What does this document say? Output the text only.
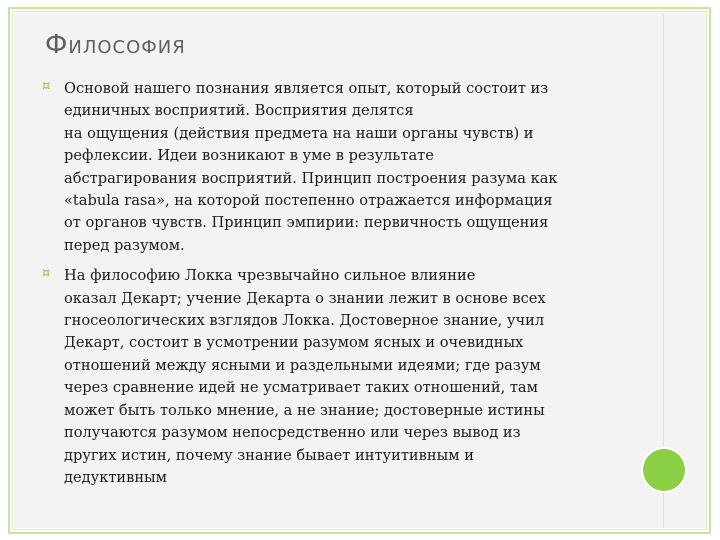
Философия
¤ Основой нашего познания является опыт, который состоит из
единичных восприятий. Восприятия делятся
на ощущения (действия предмета на наши органы чувств) и
рефлексии. Идеи возникают в уме в результате
абстрагирования восприятий. Принцип построения разума как
«tabula rasa», на которой постепенно отражается информация
от органов чувств. Принцип эмпирии: первичность ощущения
перед разумом.
¤ На философию Локка чрезвычайно сильное влияние
оказал Декарт; учение Декарта о знании лежит в основе всех
гносеологических взглядов Локка. Достоверное знание, учил
Декарт, состоит в усмотрении разумом ясных и очевидных
отношений между ясными и раздельными идеями; где разум
через сравнение идей не усматривает таких отношений, там
может быть только мнение, а не знание; достоверные истины
получаются разумом непосредственно или через вывод из
других истин, почему знание бывает интуитивным и
дедуктивным
